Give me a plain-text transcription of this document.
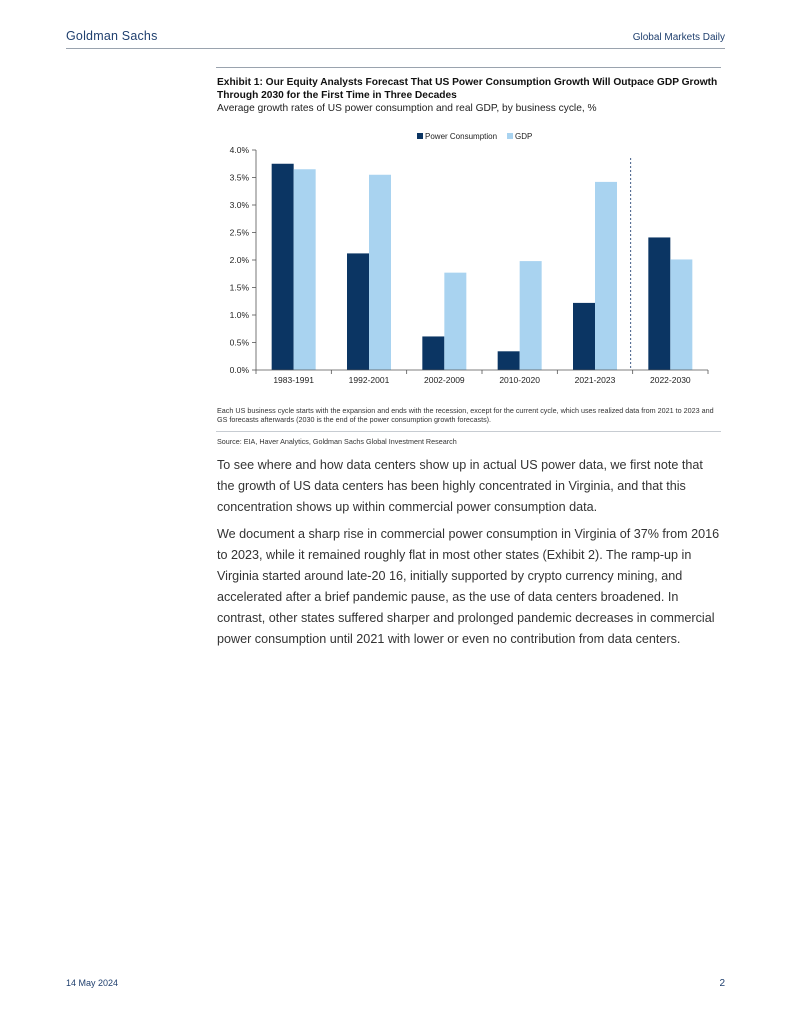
Goldman Sachs	Global Markets Daily
Exhibit 1: Our Equity Analysts Forecast That US Power Consumption Growth Will Outpace GDP Growth Through 2030 for the First Time in Three Decades
Average growth rates of US power consumption and real GDP, by business cycle, %
Power Consumption GDP
0.0%
0.5%
1.0%
1.5%
2.0%
2.5%
3.0%
3.5%
4.0%
1983-1991	1992-2001	2002-2009	2010-2020	2021-2023	2022-2030
Each US business cycle starts with the expansion and ends with the recession, except for the current cycle, which uses realized data from 2021 to 2023 and GS forecasts afterwards (2030 is the end of the power consumption growth forecasts).
Source: EIA, Haver Analytics, Goldman Sachs Global Investment Research
To see where and how data centers show up in actual US power data, we first note that the growth of US data centers has been highly concentrated in Virginia, and that this concentration shows up within commercial power consumption data.
We document a sharp rise in commercial power consumption in Virginia of 37% from 2016 to 2023, while it remained roughly flat in most other states (Exhibit 2). The ramp-up in Virginia started around late-20 16, initially supported by crypto currency mining, and accelerated after a brief pandemic pause, as the use of data centers broadened. In contrast, other states suffered sharper and prolonged pandemic decreases in commercial power consumption until 2021 with lower or even no contribution from data centers.
14 May 2024	2
